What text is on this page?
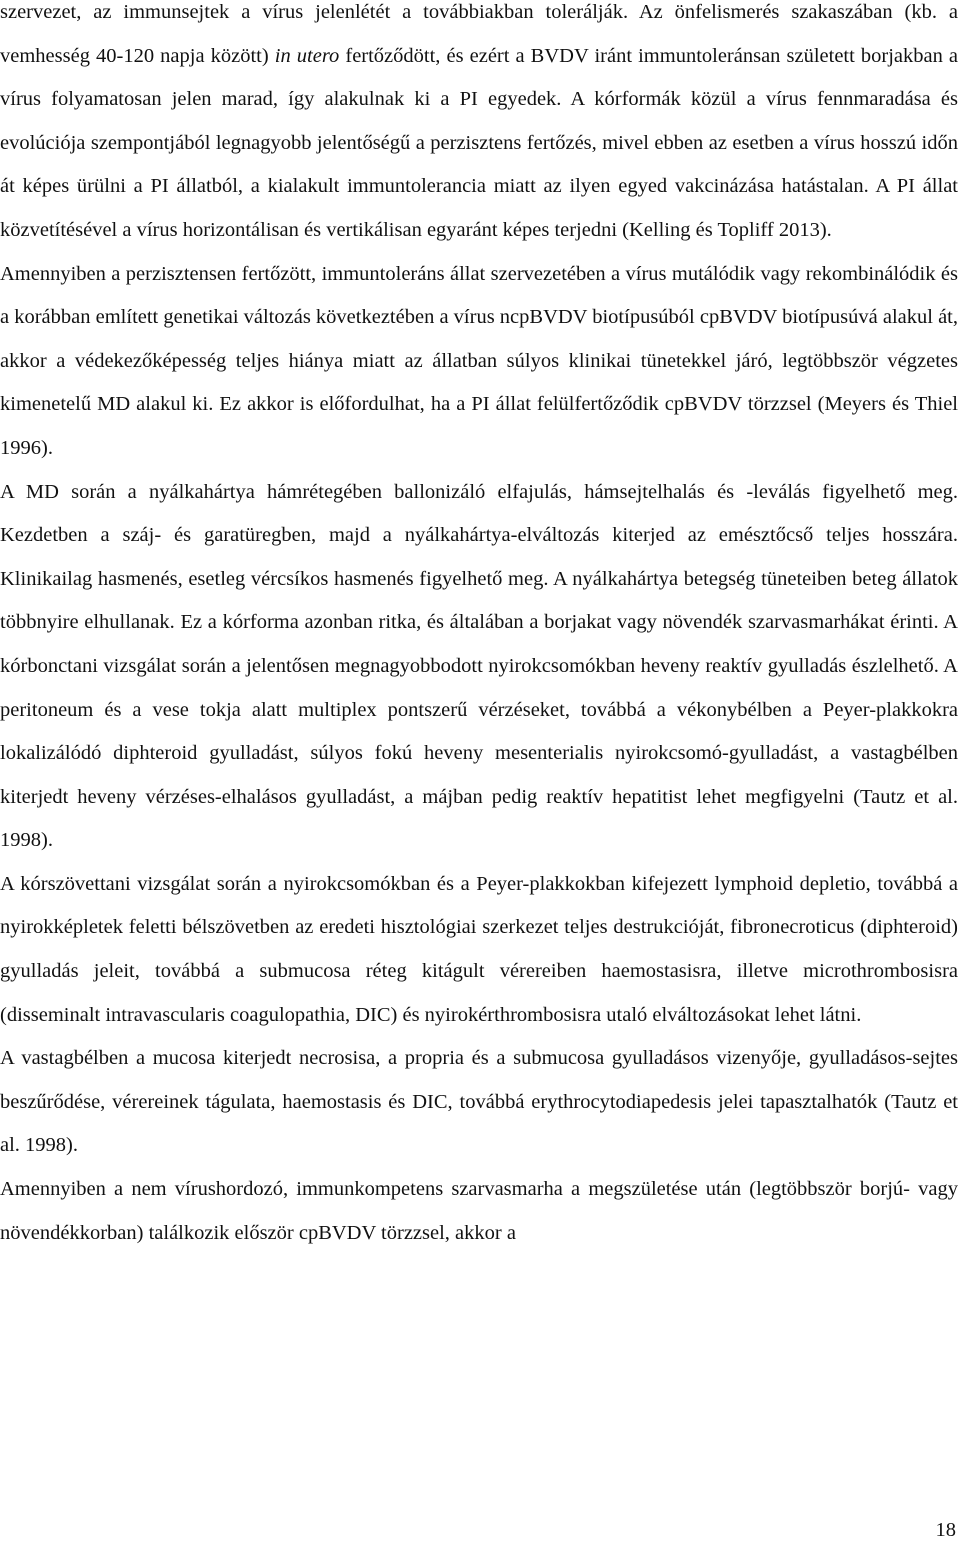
szervezet, az immunsejtek a vírus jelenlétét a továbbiakban tolerálják. Az önfelismerés szakaszában (kb. a vemhesség 40-120 napja között) in utero fertőződött, és ezért a BVDV iránt immuntoleránsan született borjakban a vírus folyamatosan jelen marad, így alakulnak ki a PI egyedek. A kórformák közül a vírus fennmaradása és evolúciója szempontjából legnagyobb jelentőségű a perzisztens fertőzés, mivel ebben az esetben a vírus hosszú időn át képes ürülni a PI állatból, a kialakult immuntolerancia miatt az ilyen egyed vakcinázása hatástalan. A PI állat közvetítésével a vírus horizontálisan és vertikálisan egyaránt képes terjedni (Kelling és Topliff 2013).

Amennyiben a perzisztensen fertőzött, immuntoleráns állat szervezetében a vírus mutálódik vagy rekombinálódik és a korábban említett genetikai változás következtében a vírus ncpBVDV biotípusúból cpBVDV biotípusúvá alakul át, akkor a védekezőképesség teljes hiánya miatt az állatban súlyos klinikai tünetekkel járó, legtöbbször végzetes kimenetelű MD alakul ki. Ez akkor is előfordulhat, ha a PI állat felülfertőződik cpBVDV törzzsel (Meyers és Thiel 1996).

A MD során a nyálkahártya hámrétegében ballonizáló elfajulás, hámsejtelhalás és -leválás figyelhető meg. Kezdetben a száj- és garatüregben, majd a nyálkahártya-elváltozás kiterjed az emésztőcső teljes hosszára. Klinikailag hasmenés, esetleg vércsíkos hasmenés figyelhető meg. A nyálkahártya betegség tüneteiben beteg állatok többnyire elhullanak. Ez a kórforma azonban ritka, és általában a borjakat vagy növendék szarvasmarhákat érinti. A kórbonctani vizsgálat során a jelentősen megnagyobbodott nyirokcsomókban heveny reaktív gyulladás észlelhető. A peritoneum és a vese tokja alatt multiplex pontszerű vérzéseket, továbbá a vékonybélben a Peyer-plakkokra lokalizálódó diphteroid gyulladást, súlyos fokú heveny mesenterialis nyirokcsomó-gyulladást, a vastagbélben kiterjedt heveny vérzéses-elhalásos gyulladást, a májban pedig reaktív hepatitist lehet megfigyelni (Tautz et al. 1998).

A kórszövettani vizsgálat során a nyirokcsomókban és a Peyer-plakkokban kifejezett lymphoid depletio, továbbá a nyirokképletek feletti bélszövetben az eredeti hisztológiai szerkezet teljes destrukcióját, fibronecroticus (diphteroid) gyulladás jeleit, továbbá a submucosa réteg kitágult vérereiben haemostasisra, illetve microthrombosisra (disseminalt intravascularis coagulopathia, DIC) és nyirokérthrombosisra utaló elváltozásokat lehet látni.

A vastagbélben a mucosa kiterjedt necrosisa, a propria és a submucosa gyulladásos vizenyője, gyulladásos-sejtes beszűrődése, vérereinek tágulata, haemostasis és DIC, továbbá erythrocytodiapedesis jelei tapasztalhatók (Tautz et al. 1998).

Amennyiben a nem vírushordozó, immunkompetens szarvasmarha a megszületése után (legtöbbször borjú- vagy növendékkorban) találkozik először cpBVDV törzzsel, akkor a

18
